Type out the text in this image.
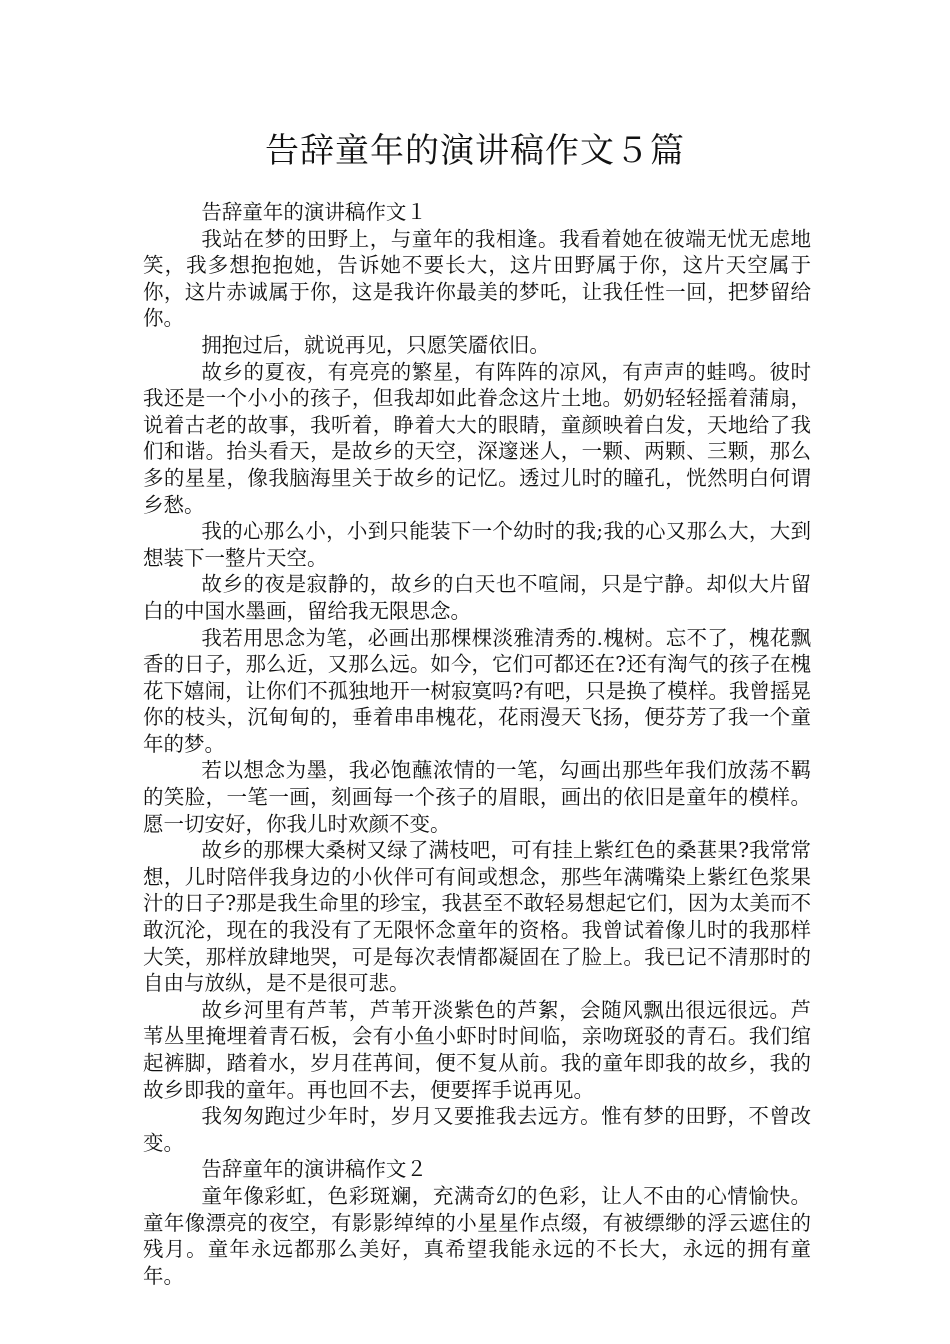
告辞童年的演讲稿作文５篇

告辞童年的演讲稿作文１

我站在梦的田野上，与童年的我相逢。我看着她在彼端无忧无虑地笑，我多想抱抱她，告诉她不要长大，这片田野属于你，这片天空属于你，这片赤诚属于你，这是我许你最美的梦吒，让我任性一回，把梦留给你。

拥抱过后，就说再见，只愿笑靥依旧。

故乡的夏夜，有亮亮的繁星，有阵阵的凉风，有声声的蛙鸣。彼时我还是一个小小的孩子，但我却如此眷念这片土地。奶奶轻轻摇着蒲扇，说着古老的故事，我听着，睁着大大的眼睛，童颜映着白发，天地给了我们和谐。抬头看天，是故乡的天空，深邃迷人，一颗、两颗、三颗，那么多的星星，像我脑海里关于故乡的记忆。透过儿时的瞳孔，恍然明白何谓乡愁。

我的心那么小，小到只能装下一个幼时的我;我的心又那么大，大到想装下一整片天空。

故乡的夜是寂静的，故乡的白天也不喧闹，只是宁静。却似大片留白的中国水墨画，留给我无限思念。

我若用思念为笔，必画出那棵棵淡雅清秀的.槐树。忘不了，槐花飘香的日子，那么近，又那么远。如今，它们可都还在?还有淘气的孩子在槐花下嬉闹，让你们不孤独地开一树寂寞吗?有吧，只是换了模样。我曾摇晃你的枝头，沉甸甸的，垂着串串槐花，花雨漫天飞扬，便芬芳了我一个童年的梦。

若以想念为墨，我必饱蘸浓情的一笔，勾画出那些年我们放荡不羁的笑脸，一笔一画，刻画每一个孩子的眉眼，画出的依旧是童年的模样。愿一切安好，你我儿时欢颜不变。

故乡的那棵大桑树又绿了满枝吧，可有挂上紫红色的桑葚果?我常常想，儿时陪伴我身边的小伙伴可有间或想念，那些年满嘴染上紫红色浆果汁的日子?那是我生命里的珍宝，我甚至不敢轻易想起它们，因为太美而不敢沉沦，现在的我没有了无限怀念童年的资格。我曾试着像儿时的我那样大笑，那样放肆地哭，可是每次表情都凝固在了脸上。我已记不清那时的自由与放纵，是不是很可悲。

故乡河里有芦苇，芦苇开淡紫色的芦絮，会随风飘出很远很远。芦苇丛里掩埋着青石板，会有小鱼小虾时时间临，亲吻斑驳的青石。我们绾起裤脚，踏着水，岁月荏苒间，便不复从前。我的童年即我的故乡，我的故乡即我的童年。再也回不去，便要挥手说再见。

我匆匆跑过少年时，岁月又要推我去远方。惟有梦的田野，不曾改变。

告辞童年的演讲稿作文２

童年像彩虹，色彩斑斓，充满奇幻的色彩，让人不由的心情愉快。童年像漂亮的夜空，有影影绰绰的小星星作点缀，有被缥缈的浮云遮住的残月。童年永远都那么美好，真希望我能永远的不长大，永远的拥有童年。
